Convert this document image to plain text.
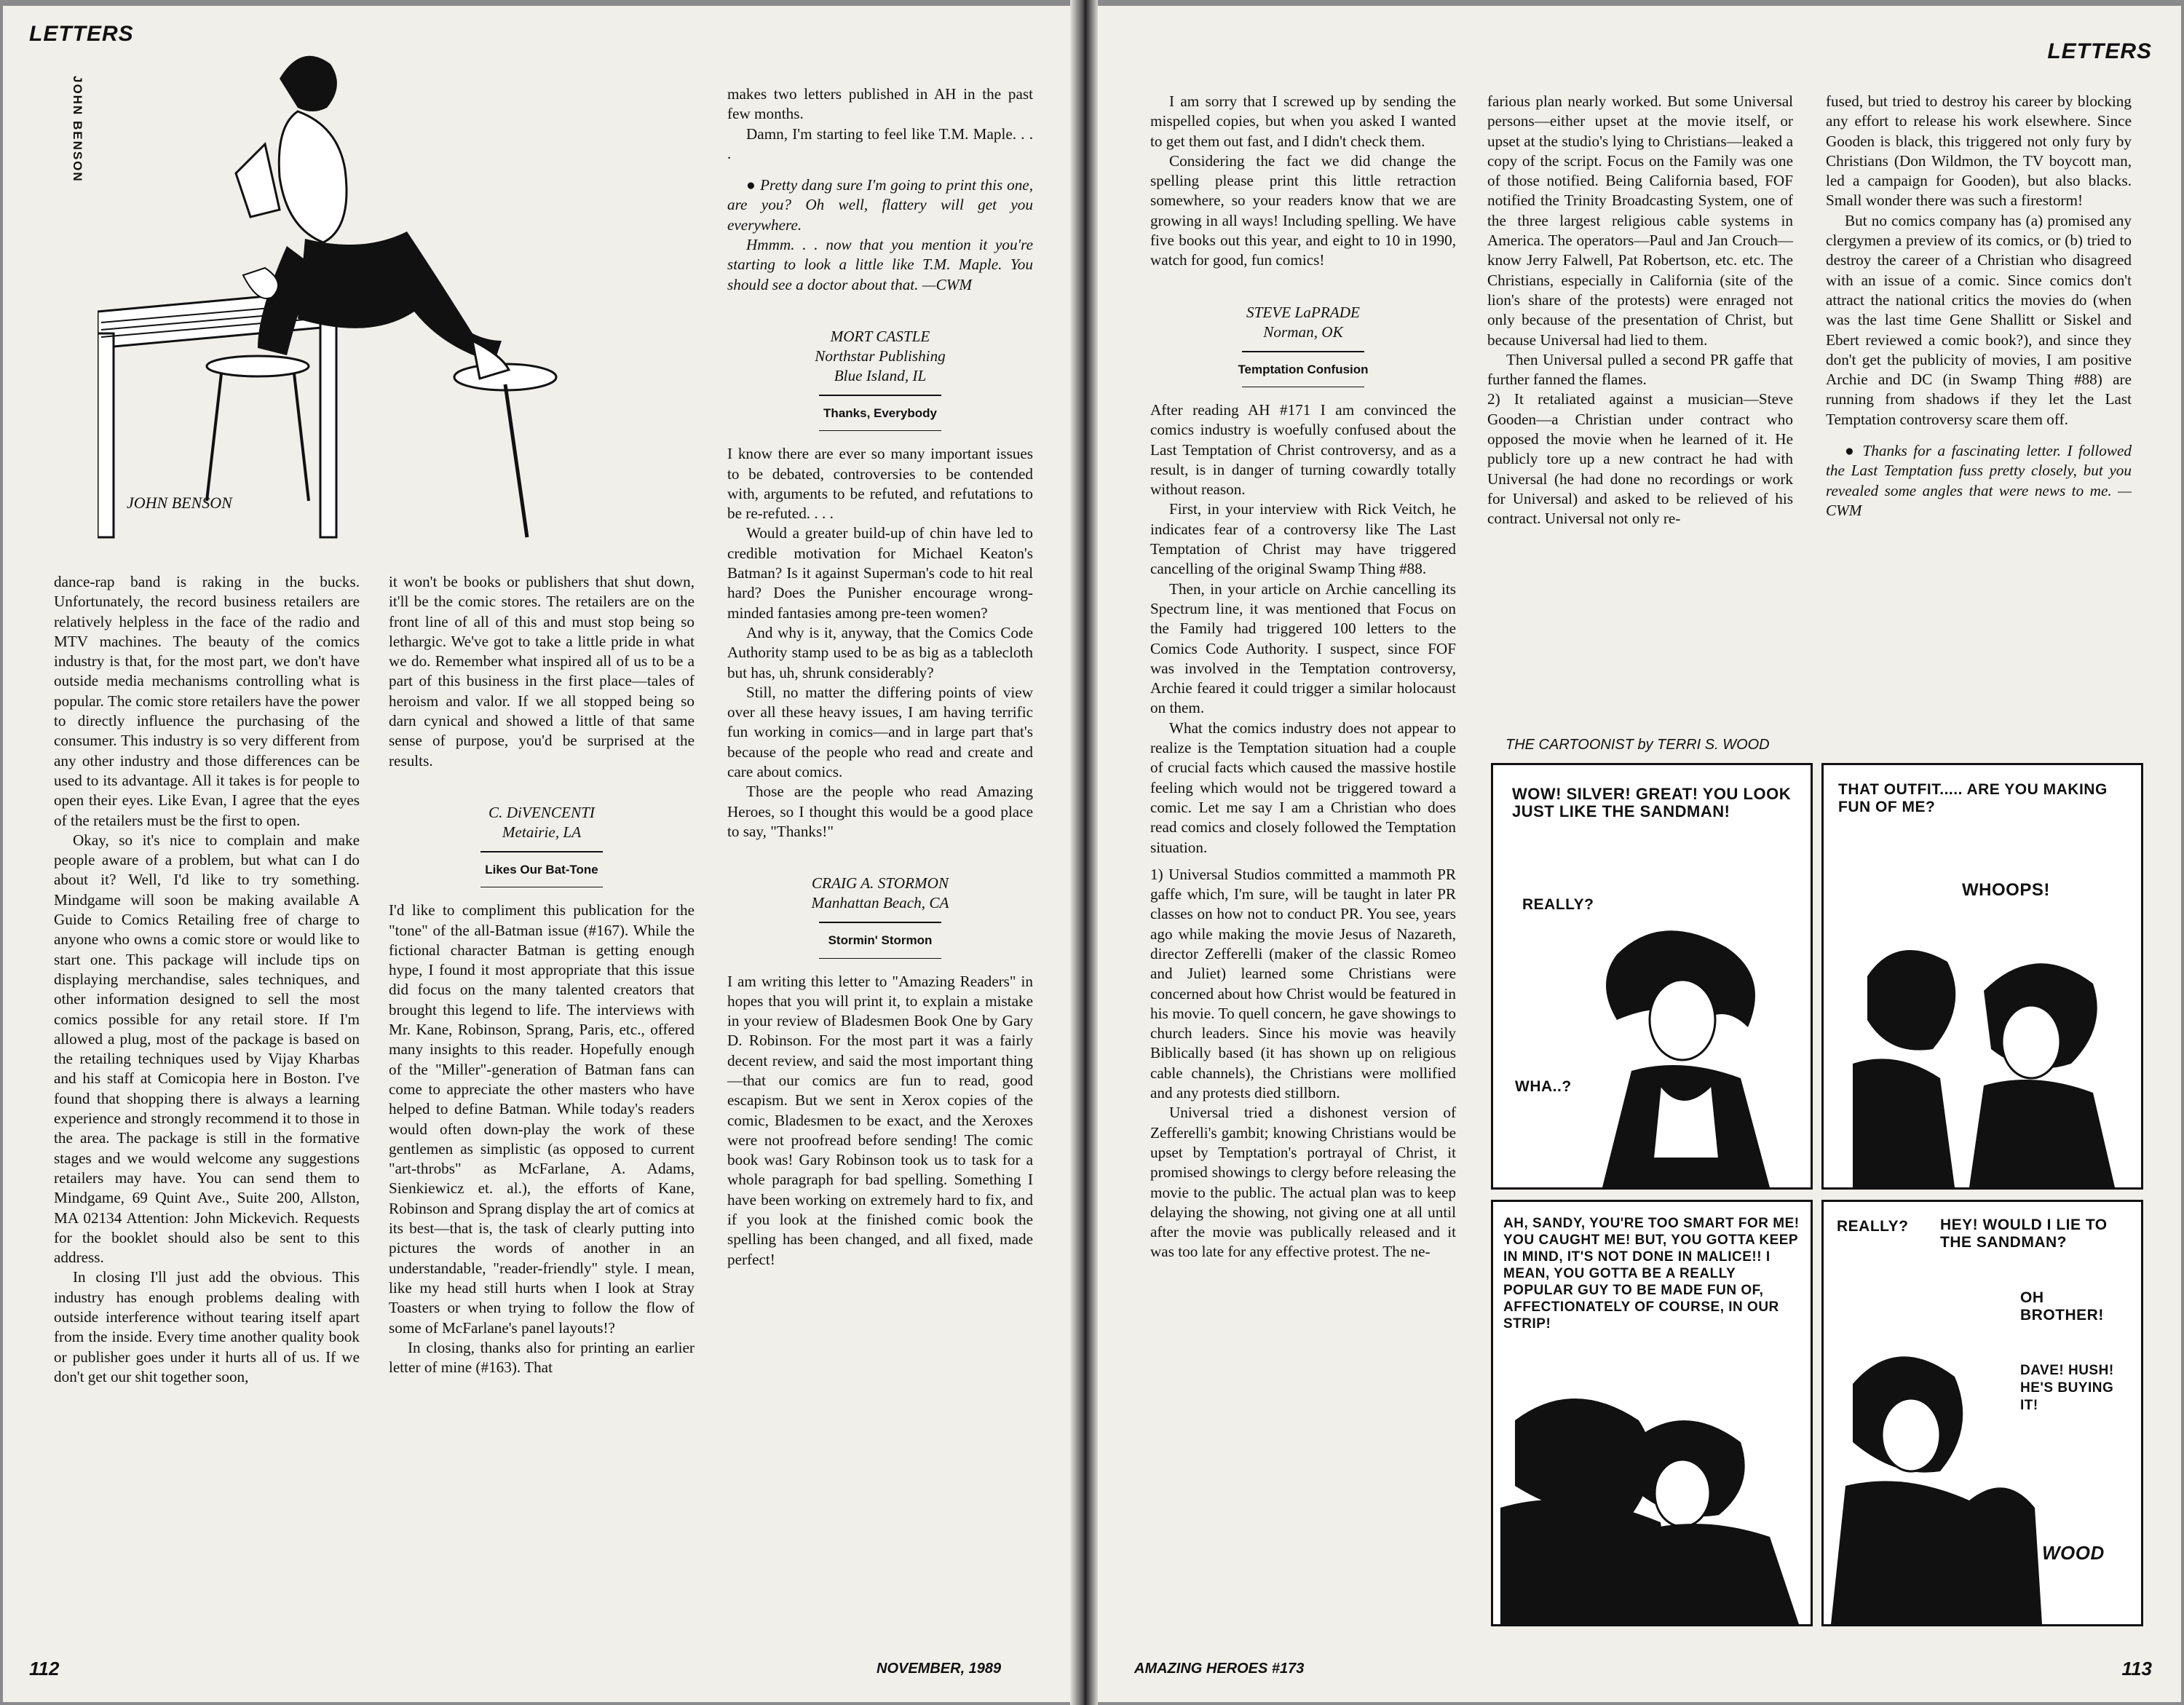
LETTERS
JOHN BENSON
JOHN BENSON

dance-rap band is raking in the bucks. Unfortunately, the record business retailers are relatively helpless in the face of the radio and MTV machines. The beauty of the comics industry is that, for the most part, we don't have outside media mechanisms controlling what is popular. The comic store retailers have the power to directly influence the purchasing of the consumer. This industry is so very different from any other industry and those differences can be used to its advantage. All it takes is for people to open their eyes. Like Evan, I agree that the eyes of the retailers must be the first to open.

Okay, so it's nice to complain and make people aware of a problem, but what can I do about it? Well, I'd like to try something. Mindgame will soon be making available A Guide to Comics Retailing free of charge to anyone who owns a comic store or would like to start one. This package will include tips on displaying merchandise, sales techniques, and other information designed to sell the most comics possible for any retail store. If I'm allowed a plug, most of the package is based on the retailing techniques used by Vijay Kharbas and his staff at Comicopia here in Boston. I've found that shopping there is always a learning experience and strongly recommend it to those in the area. The package is still in the formative stages and we would welcome any suggestions retailers may have. You can send them to Mindgame, 69 Quint Ave., Suite 200, Allston, MA 02134 Attention: John Mickevich. Requests for the booklet should also be sent to this address.

In closing I'll just add the obvious. This industry has enough problems dealing with outside interference without tearing itself apart from the inside. Every time another quality book or publisher goes under it hurts all of us. If we don't get our shit together soon,

it won't be books or publishers that shut down, it'll be the comic stores. The retailers are on the front line of all of this and must stop being so lethargic. We've got to take a little pride in what we do. Remember what inspired all of us to be a part of this business in the first place—tales of heroism and valor. If we all stopped being so darn cynical and showed a little of that same sense of purpose, you'd be surprised at the results.

C. DiVENCENTI
Metairie, LA
Likes Our Bat-Tone

I'd like to compliment this publication for the "tone" of the all-Batman issue (#167). While the fictional character Batman is getting enough hype, I found it most appropriate that this issue did focus on the many talented creators that brought this legend to life. The interviews with Mr. Kane, Robinson, Sprang, Paris, etc., offered many insights to this reader. Hopefully enough of the "Miller"-generation of Batman fans can come to appreciate the other masters who have helped to define Batman. While today's readers would often down-play the work of these gentlemen as simplistic (as opposed to current "art-throbs" as McFarlane, A. Adams, Sienkiewicz et. al.), the efforts of Kane, Robinson and Sprang display the art of comics at its best—that is, the task of clearly putting into pictures the words of another in an understandable, "reader-friendly" style. I mean, like my head still hurts when I look at Stray Toasters or when trying to follow the flow of some of McFarlane's panel layouts!?

In closing, thanks also for printing an earlier letter of mine (#163). That

makes two letters published in AH in the past few months.

Damn, I'm starting to feel like T.M. Maple. . . .

● Pretty dang sure I'm going to print this one, are you? Oh well, flattery will get you everywhere.

Hmmm. . . now that you mention it you're starting to look a little like T.M. Maple. You should see a doctor about that. —CWM

MORT CASTLE
Northstar Publishing
Blue Island, IL
Thanks, Everybody

I know there are ever so many important issues to be debated, controversies to be contended with, arguments to be refuted, and refutations to be re-refuted. . . .

Would a greater build-up of chin have led to credible motivation for Michael Keaton's Batman? Is it against Superman's code to hit real hard? Does the Punisher encourage wrong-minded fantasies among pre-teen women?

And why is it, anyway, that the Comics Code Authority stamp used to be as big as a tablecloth but has, uh, shrunk considerably?

Still, no matter the differing points of view over all these heavy issues, I am having terrific fun working in comics—and in large part that's because of the people who read and create and care about comics.

Those are the people who read Amazing Heroes, so I thought this would be a good place to say, "Thanks!"

CRAIG A. STORMON
Manhattan Beach, CA
Stormin' Stormon

I am writing this letter to "Amazing Readers" in hopes that you will print it, to explain a mistake in your review of Bladesmen Book One by Gary D. Robinson. For the most part it was a fairly decent review, and said the most important thing—that our comics are fun to read, good escapism. But we sent in Xerox copies of the comic, Bladesmen to be exact, and the Xeroxes were not proofread before sending! The comic book was! Gary Robinson took us to task for a whole paragraph for bad spelling. Something I have been working on extremely hard to fix, and if you look at the finished comic book the spelling has been changed, and all fixed, made perfect!

112	NOVEMBER, 1989
LETTERS

I am sorry that I screwed up by sending the mispelled copies, but when you asked I wanted to get them out fast, and I didn't check them.

Considering the fact we did change the spelling please print this little retraction somewhere, so your readers know that we are growing in all ways! Including spelling. We have five books out this year, and eight to 10 in 1990, watch for good, fun comics!

STEVE LaPRADE
Norman, OK
Temptation Confusion

After reading AH #171 I am convinced the comics industry is woefully confused about the Last Temptation of Christ controversy, and as a result, is in danger of turning cowardly totally without reason.

First, in your interview with Rick Veitch, he indicates fear of a controversy like The Last Temptation of Christ may have triggered cancelling of the original Swamp Thing #88.

Then, in your article on Archie cancelling its Spectrum line, it was mentioned that Focus on the Family had triggered 100 letters to the Comics Code Authority. I suspect, since FOF was involved in the Temptation controversy, Archie feared it could trigger a similar holocaust on them.

What the comics industry does not appear to realize is the Temptation situation had a couple of crucial facts which caused the massive hostile feeling which would not be triggered toward a comic. Let me say I am a Christian who does read comics and closely followed the Temptation situation.

1) Universal Studios committed a mammoth PR gaffe which, I'm sure, will be taught in later PR classes on how not to conduct PR. You see, years ago while making the movie Jesus of Nazareth, director Zefferelli (maker of the classic Romeo and Juliet) learned some Christians were concerned about how Christ would be featured in his movie. To quell concern, he gave showings to church leaders. Since his movie was heavily Biblically based (it has shown up on religious cable channels), the Christians were mollified and any protests died stillborn.

Universal tried a dishonest version of Zefferelli's gambit; knowing Christians would be upset by Temptation's portrayal of Christ, it promised showings to clergy before releasing the movie to the public. The actual plan was to keep delaying the showing, not giving one at all until after the movie was publically released and it was too late for any effective protest. The ne-

farious plan nearly worked. But some Universal persons—either upset at the movie itself, or upset at the studio's lying to Christians—leaked a copy of the script. Focus on the Family was one of those notified. Being California based, FOF notified the Trinity Broadcasting System, one of the three largest religious cable systems in America. The operators—Paul and Jan Crouch—know Jerry Falwell, Pat Robertson, etc. etc. The Christians, especially in California (site of the lion's share of the protests) were enraged not only because of the presentation of Christ, but because Universal had lied to them.

Then Universal pulled a second PR gaffe that further fanned the flames.

2) It retaliated against a musician—Steve Gooden—a Christian under contract who opposed the movie when he learned of it. He publicly tore up a new contract he had with Universal (he had done no recordings or work for Universal) and asked to be relieved of his contract. Universal not only re-

fused, but tried to destroy his career by blocking any effort to release his work elsewhere. Since Gooden is black, this triggered not only fury by Christians (Don Wildmon, the TV boycott man, led a campaign for Gooden), but also blacks. Small wonder there was such a firestorm!

But no comics company has (a) promised any clergymen a preview of its comics, or (b) tried to destroy the career of a Christian who disagreed with an issue of a comic. Since comics don't attract the national critics the movies do (when was the last time Gene Shallitt or Siskel and Ebert reviewed a comic book?), and since they don't get the publicity of movies, I am positive Archie and DC (in Swamp Thing #88) are running from shadows if they let the Last Temptation controversy scare them off.

● Thanks for a fascinating letter. I followed the Last Temptation fuss pretty closely, but you revealed some angles that were news to me. —CWM

THE CARTOONIST by TERRI S. WOOD
WOW! SILVER! GREAT! YOU LOOK JUST LIKE THE SANDMAN!
REALLY?
WHA..?
THAT OUTFIT..... ARE YOU MAKING FUN OF ME?
WHOOPS!
AH, SANDY, YOU'RE TOO SMART FOR ME! YOU CAUGHT ME! BUT, YOU GOTTA KEEP IN MIND, IT'S NOT DONE IN MALICE!! I MEAN, YOU GOTTA BE A REALLY POPULAR GUY TO BE MADE FUN OF, AFFECTIONATELY OF COURSE, IN OUR STRIP!
REALLY? HEY! WOULD I LIE TO THE SANDMAN?
OH BROTHER!
DAVE! HUSH! HE'S BUYING IT!
WOOD
AMAZING HEROES #173	113
